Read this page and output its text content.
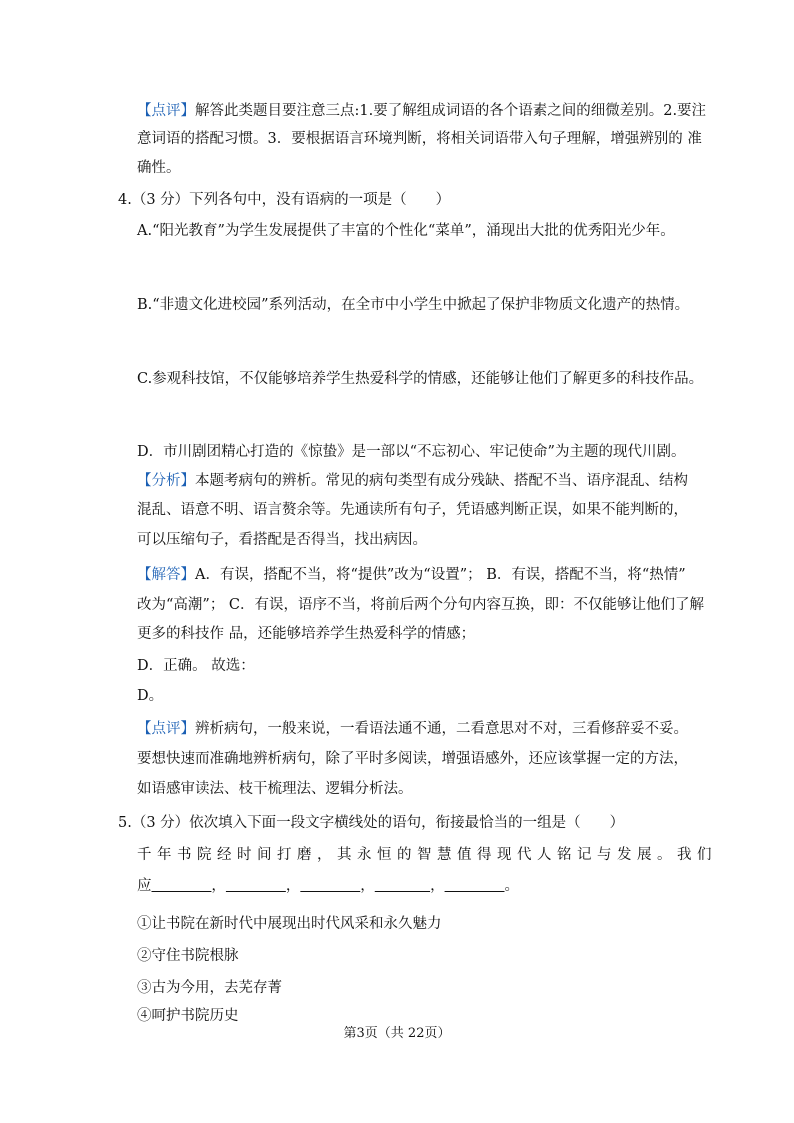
【点评】解答此类题目要注意三点:1.要了解组成词语的各个语素之间的细微差别。2.要注
意词语的搭配习惯。3．要根据语言环境判断，将相关词语带入句子理解，增强辨别的 准
确性。
4.（3 分）下列各句中，没有语病的一项是（　　）
A.“阳光教育”为学生发展提供了丰富的个性化“菜单”，涌现出大批的优秀阳光少年。
B.“非遗文化进校园”系列活动，在全市中小学生中掀起了保护非物质文化遗产的热情。
C.参观科技馆，不仅能够培养学生热爱科学的情感，还能够让他们了解更多的科技作品。
D．市川剧团精心打造的《惊蛰》是一部以“不忘初心、牢记使命”为主题的现代川剧。
【分析】本题考病句的辨析。常见的病句类型有成分残缺、搭配不当、语序混乱、结构
混乱、语意不明、语言赘余等。先通读所有句子，凭语感判断正误，如果不能判断的，
可以压缩句子，看搭配是否得当，找出病因。
【解答】A．有误，搭配不当，将“提供”改为“设置”； B．有误，搭配不当，将“热情”
改为“高潮”； C．有误，语序不当，将前后两个分句内容互换，即：不仅能够让他们了解
更多的科技作 品，还能够培养学生热爱科学的情感；
D．正确。 故选：
D。
【点评】辨析病句，一般来说，一看语法通不通，二看意思对不对，三看修辞妥不妥。
要想快速而准确地辨析病句，除了平时多阅读，增强语感外，还应该掌握一定的方法，
如语感审读法、枝干梳理法、逻辑分析法。
5.（3 分）依次填入下面一段文字横线处的语句，衔接最恰当的一组是（　　）
千年书院经时间打磨，其永恒的智慧值得现代人铭记与发展。我们
应	，	，	，	，	。
①让书院在新时代中展现出时代风采和永久魅力
②守住书院根脉
③古为今用，去芜存菁
④呵护书院历史
第3页（共 22页）
